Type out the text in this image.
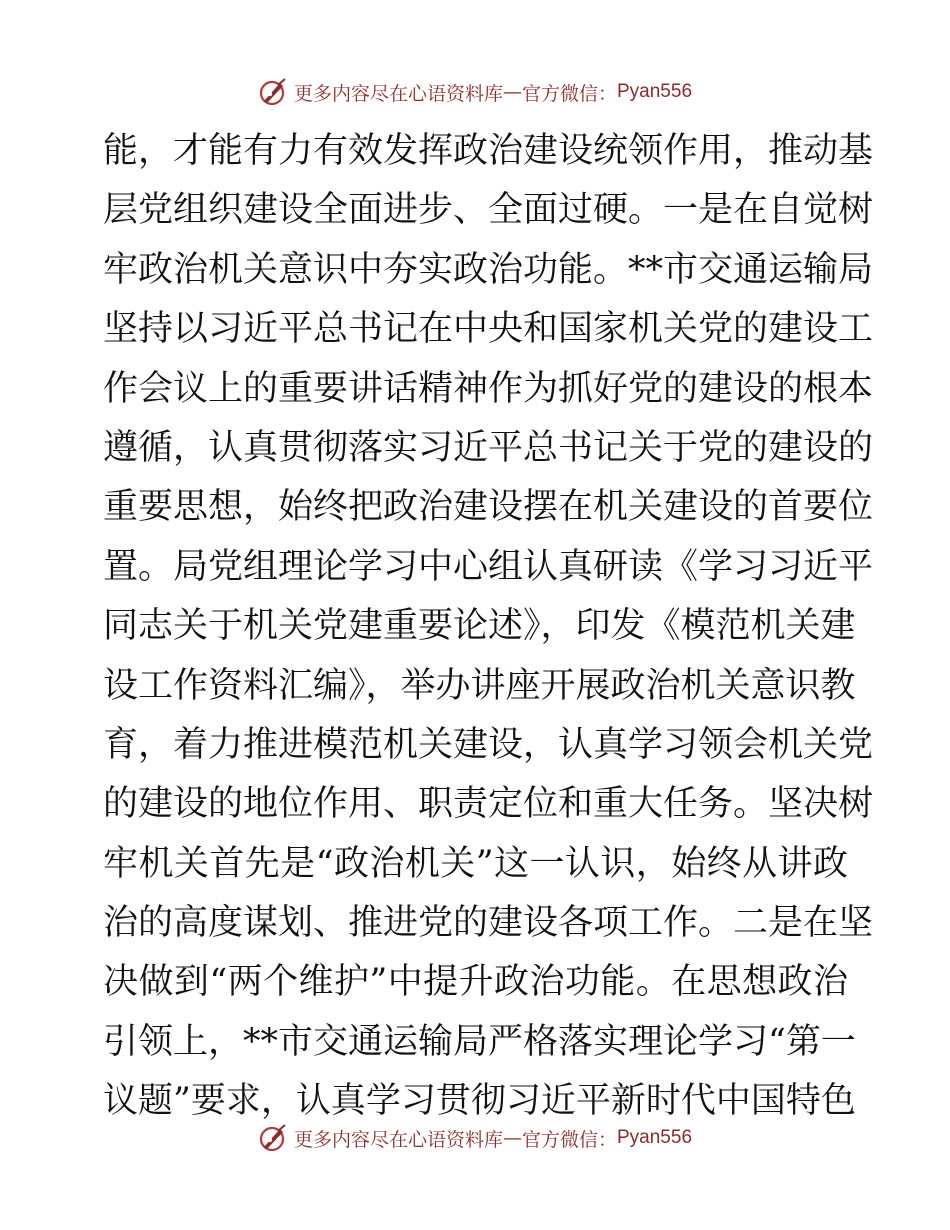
更多内容尽在心语资料库 — 官方微信： Pyan556
能，才能有力有效发挥政治建设统领作用，推动基
层党组织建设全面进步、全面过硬。一是在自觉树
牢政治机关意识中夯实政治功能。**市交通运输局
坚持以习近平总书记在中央和国家机关党的建设工
作会议上的重要讲话精神作为抓好党的建设的根本
遵循，认真贯彻落实习近平总书记关于党的建设的
重要思想，始终把政治建设摆在机关建设的首要位
置。局党组理论学习中心组认真研读《学习习近平
同志关于机关党建重要论述》，印发《模范机关建
设工作资料汇编》，举办讲座开展政治机关意识教
育，着力推进模范机关建设，认真学习领会机关党
的建设的地位作用、职责定位和重大任务。坚决树
牢机关首先是“政治机关”这一认识，始终从讲政
治的高度谋划、推进党的建设各项工作。二是在坚
决做到“两个维护”中提升政治功能。在思想政治
引领上，**市交通运输局严格落实理论学习“第一
议题”要求，认真学习贯彻习近平新时代中国特色
更多内容尽在心语资料库 — 官方微信： Pyan556
